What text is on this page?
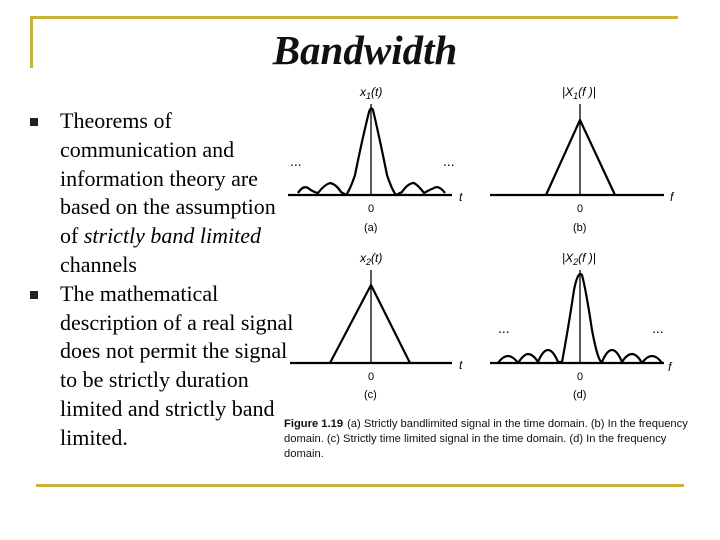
Bandwidth
Theorems of communication and information theory are based on the assumption of strictly band limited channels
The mathematical description of a real signal does not permit the signal to be strictly duration limited and strictly band limited.
$x_1(t)$
...	...
t
0
(a)
$|X_1(f$ )|
f
0
(b)
$x_2(t)$
t
0
(c)
$|X_2(f$ )|
...	...
f
0
(d)
Figure 1.19 (a) Strictly bandlimited signal in the time domain. (b) In the frequency domain. (c) Strictly time limited signal in the time domain. (d) In the frequency domain.
